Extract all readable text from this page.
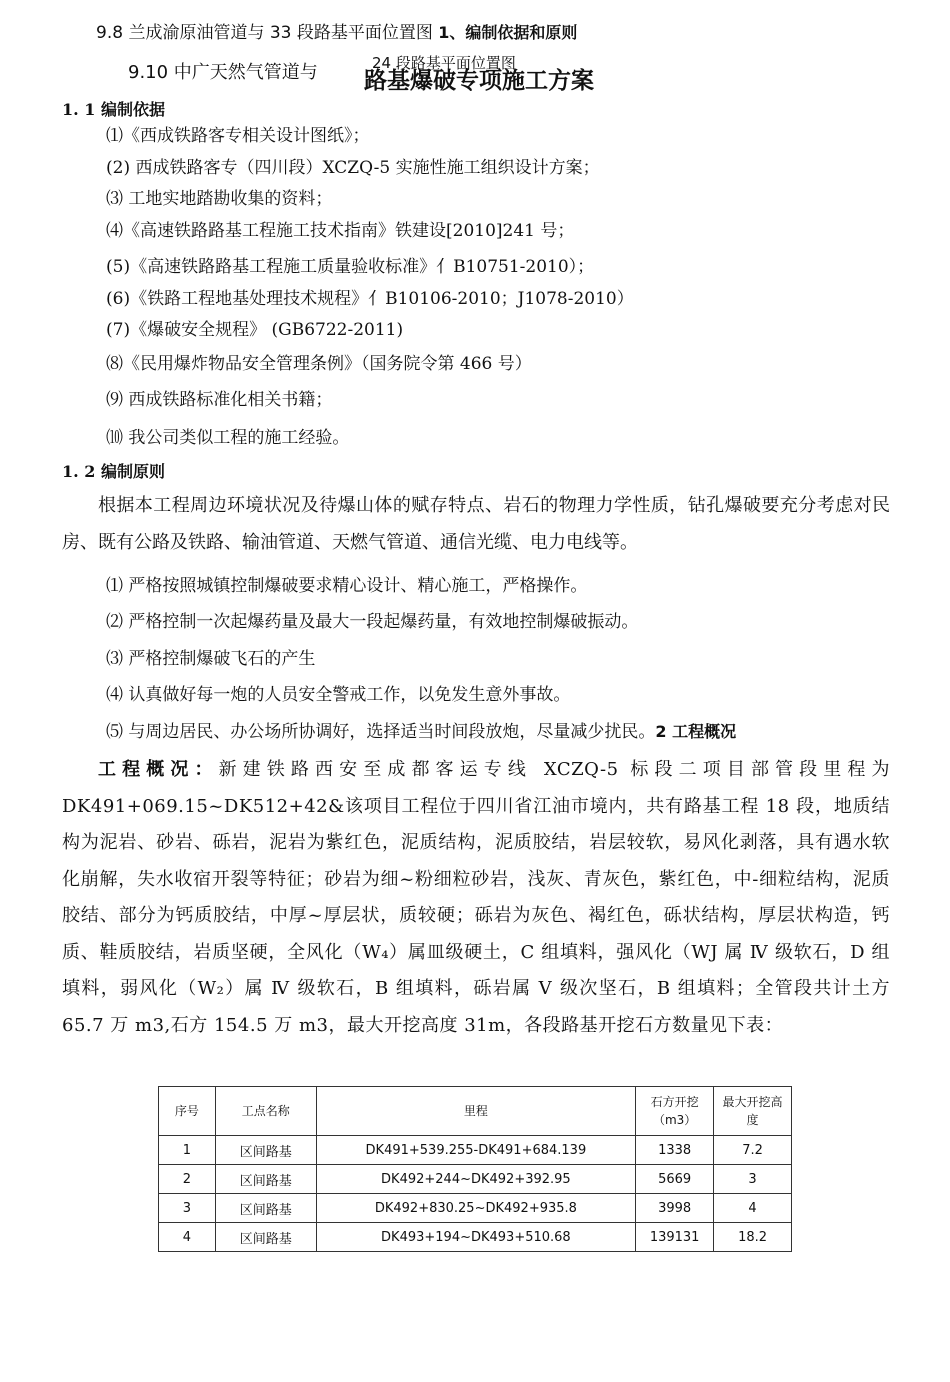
9.8 兰成渝原油管道与 33 段路基平面位置图 1、编制依据和原则
9.10 中广天然气管道与	24 段路基平面位置图
路基爆破专项施工方案
1. 1 编制依据
⑴《西成铁路客专相关设计图纸》；
(2) 西成铁路客专（四川段）XCZQ-5 实施性施工组织设计方案；
⑶ 工地实地踏勘收集的资料；
⑷《高速铁路路基工程施工技术指南》铁建设[2010]241 号；
(5)《高速铁路路基工程施工质量验收标准》亻B10751-2010）；
(6)《铁路工程地基处理技术规程》亻B10106-2010；J1078-2010）
(7)《爆破安全规程》 (GB6722-2011)
⑻《民用爆炸物品安全管理条例》（国务院令第 466 号）
⑼ 西成铁路标准化相关书籍；
⑽ 我公司类似工程的施工经验。
1. 2 编制原则

根据本工程周边环境状况及待爆山体的赋存特点、岩石的物理力学性质，钻孔爆破要充分考虑对民房、既有公路及铁路、输油管道、天燃气管道、通信光缆、电力电线等。

⑴ 严格按照城镇控制爆破要求精心设计、精心施工，严格操作。
⑵ 严格控制一次起爆药量及最大一段起爆药量，有效地控制爆破振动。
⑶ 严格控制爆破飞石的产生
⑷ 认真做好每一炮的人员安全警戒工作，以免发生意外事故。
⑸ 与周边居民、办公场所协调好，选择适当时间段放炮，尽量减少扰民。2 工程概况

工程概况：新建铁路西安至成都客运专线 XCZQ-5 标段二项目部管段里程为 DK491+069.15~DK512+42&该项目工程位于四川省江油市境内，共有路基工程 18 段，地质结构为泥岩、砂岩、砾岩，泥岩为紫红色，泥质结构，泥质胶结，岩层较软，易风化剥落，具有遇水软化崩解，失水收宿开裂等特征；砂岩为细~粉细粒砂岩，浅灰、青灰色，紫红色，中-细粒结构，泥质胶结、部分为钙质胶结，中厚~厚层状，质较硬；砾岩为灰色、褐红色，砾状结构，厚层状构造，钙质、鞋质胶结，岩质坚硬，全风化（W₄）属皿级硬土，C 组填料，强风化（WJ 属 Ⅳ 级软石，D 组填料，弱风化（W₂）属 Ⅳ 级软石，B 组填料，砾岩属 Ⅴ 级次坚石，B 组填料；全管段共计土方 65.7 万 m3,石方 154.5 万 m3，最大开挖高度 31m，各段路基开挖石方数量见下表：

序号	工点名称	里程	石方开挖（m3）	最大开挖高度
1	区间路基	DK491+539.255-DK491+684.139	1338	7.2
2	区间路基	DK492+244~DK492+392.95	5669	3
3	区间路基	DK492+830.25~DK492+935.8	3998	4
4	区间路基	DK493+194~DK493+510.68	139131	18.2
